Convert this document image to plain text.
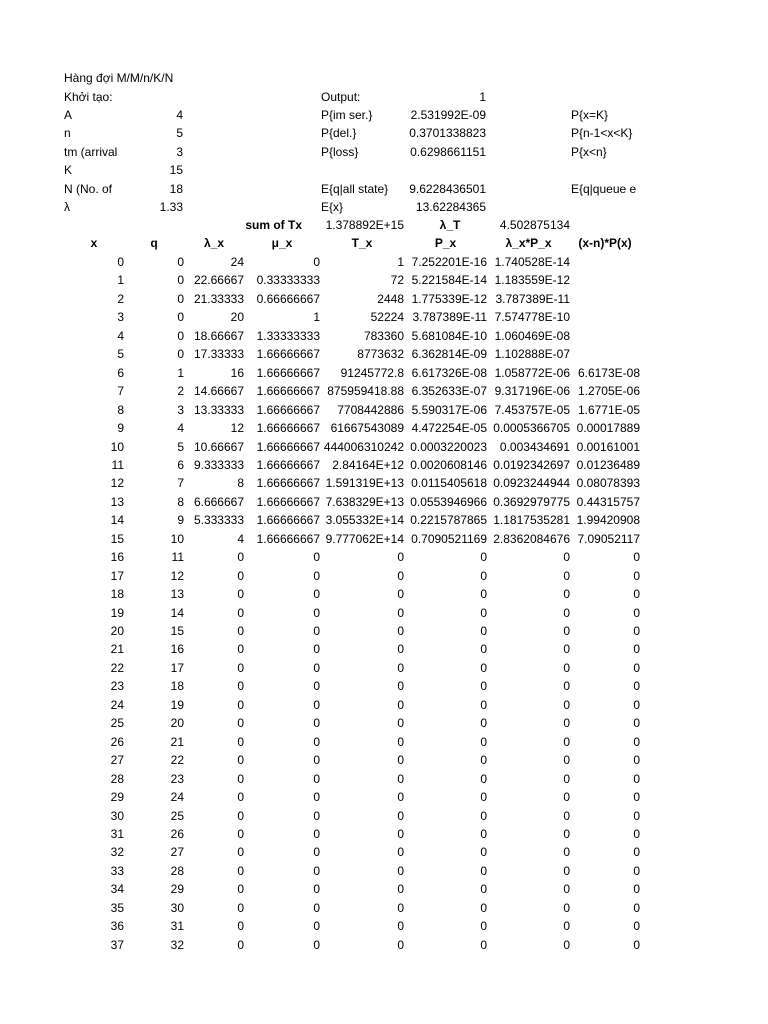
Hàng đợi M/M/n/K/N
Khởi tạo:
A	4
n	5
tm (arrival	3
K	15
N (No. of	18
λ	1.33
Output:	1
P{im ser.}	2.531992E-09
P{del.}	0.3701338823
P{loss}	0.6298661151
E{q|all state}	9.6228436501
E{x}	13.62284365
sum of Tx	1.378892E+15	λ_T	4.502875134
P{x=K}
P{n-1<x<K}
P{x<n}
E{q|queue e
x	q	λ_x	μ_x	T_x	P_x	λ_x*P_x	(x-n)*P(x)
0	0	24	0	1 7.252201E-16 1.740528E-14
1	0 22.66667	0.33333333	72 5.221584E-14 1.183559E-12
2	0 21.33333	0.66666667	2448 1.775339E-12 3.787389E-11
3	0	20	1	52224 3.787389E-11 7.574778E-10
4	0 18.66667	1.33333333	783360 5.681084E-10 1.060469E-08
5	0 17.33333	1.66666667	8773632 6.362814E-09 1.102888E-07
6	1	16	1.66666667	91245772.8 6.617326E-08 1.058772E-06 6.6173E-08
7	2 14.66667	1.66666667 875959418.88 6.352633E-07 9.317196E-06 1.2705E-06
8	3 13.33333	1.66666667	7708442886 5.590317E-06 7.453757E-05 1.6771E-05
9	4	12	1.66666667 61667543089 4.472254E-05 0.0005366705 0.00017889
10	5 10.66667	1.66666667 444006310242 0.0003220023	0.003434691 0.00161001
11	6 9.333333	1.66666667	2.84164E+12 0.0020608146 0.0192342697 0.01236489
12	7	8	1.66666667 1.591319E+13 0.0115405618 0.0923244944 0.08078393
13	8 6.666667	1.66666667 7.638329E+13 0.0553946966 0.3692979775 0.44315757
14	9 5.333333	1.66666667 3.055332E+14 0.2215787865 1.1817535281 1.99420908
15	10	4	1.66666667 9.777062E+14 0.7090521169 2.8362084676 7.09052117
16	11	0	0	0	0	0	0
17	12	0	0	0	0	0	0
18	13	0	0	0	0	0	0
19	14	0	0	0	0	0	0
20	15	0	0	0	0	0	0
21	16	0	0	0	0	0	0
22	17	0	0	0	0	0	0
23	18	0	0	0	0	0	0
24	19	0	0	0	0	0	0
25	20	0	0	0	0	0	0
26	21	0	0	0	0	0	0
27	22	0	0	0	0	0	0
28	23	0	0	0	0	0	0
29	24	0	0	0	0	0	0
30	25	0	0	0	0	0	0
31	26	0	0	0	0	0	0
32	27	0	0	0	0	0	0
33	28	0	0	0	0	0	0
34	29	0	0	0	0	0	0
35	30	0	0	0	0	0	0
36	31	0	0	0	0	0	0
37	32	0	0	0	0	0	0
